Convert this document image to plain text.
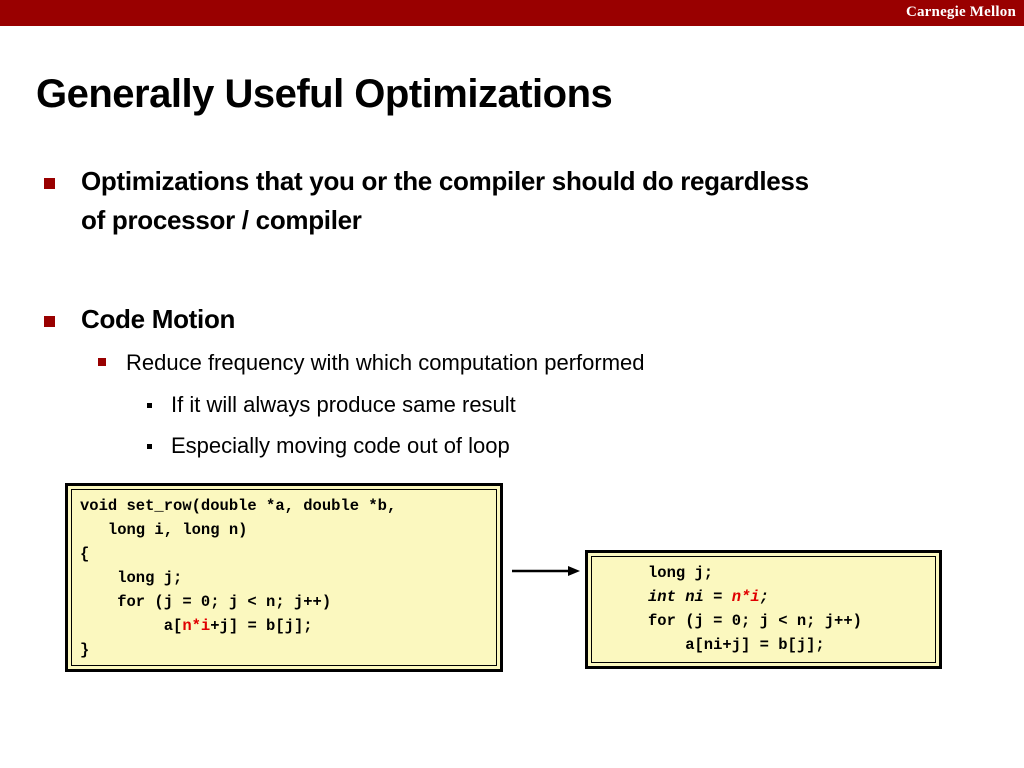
Carnegie Mellon
Generally Useful Optimizations
Optimizations that you or the compiler should do regardless
of processor / compiler
Code Motion
Reduce frequency with which computation performed
If it will always produce same result
Especially moving code out of loop
void set_row(double *a, double *b,
long i, long n)
{
long j;
for (j = 0; j < n; j++)
a[n*i+j] = b[j];
}
long j;
int ni = n*i;
for (j = 0; j < n; j++)
a[ni+j] = b[j];
